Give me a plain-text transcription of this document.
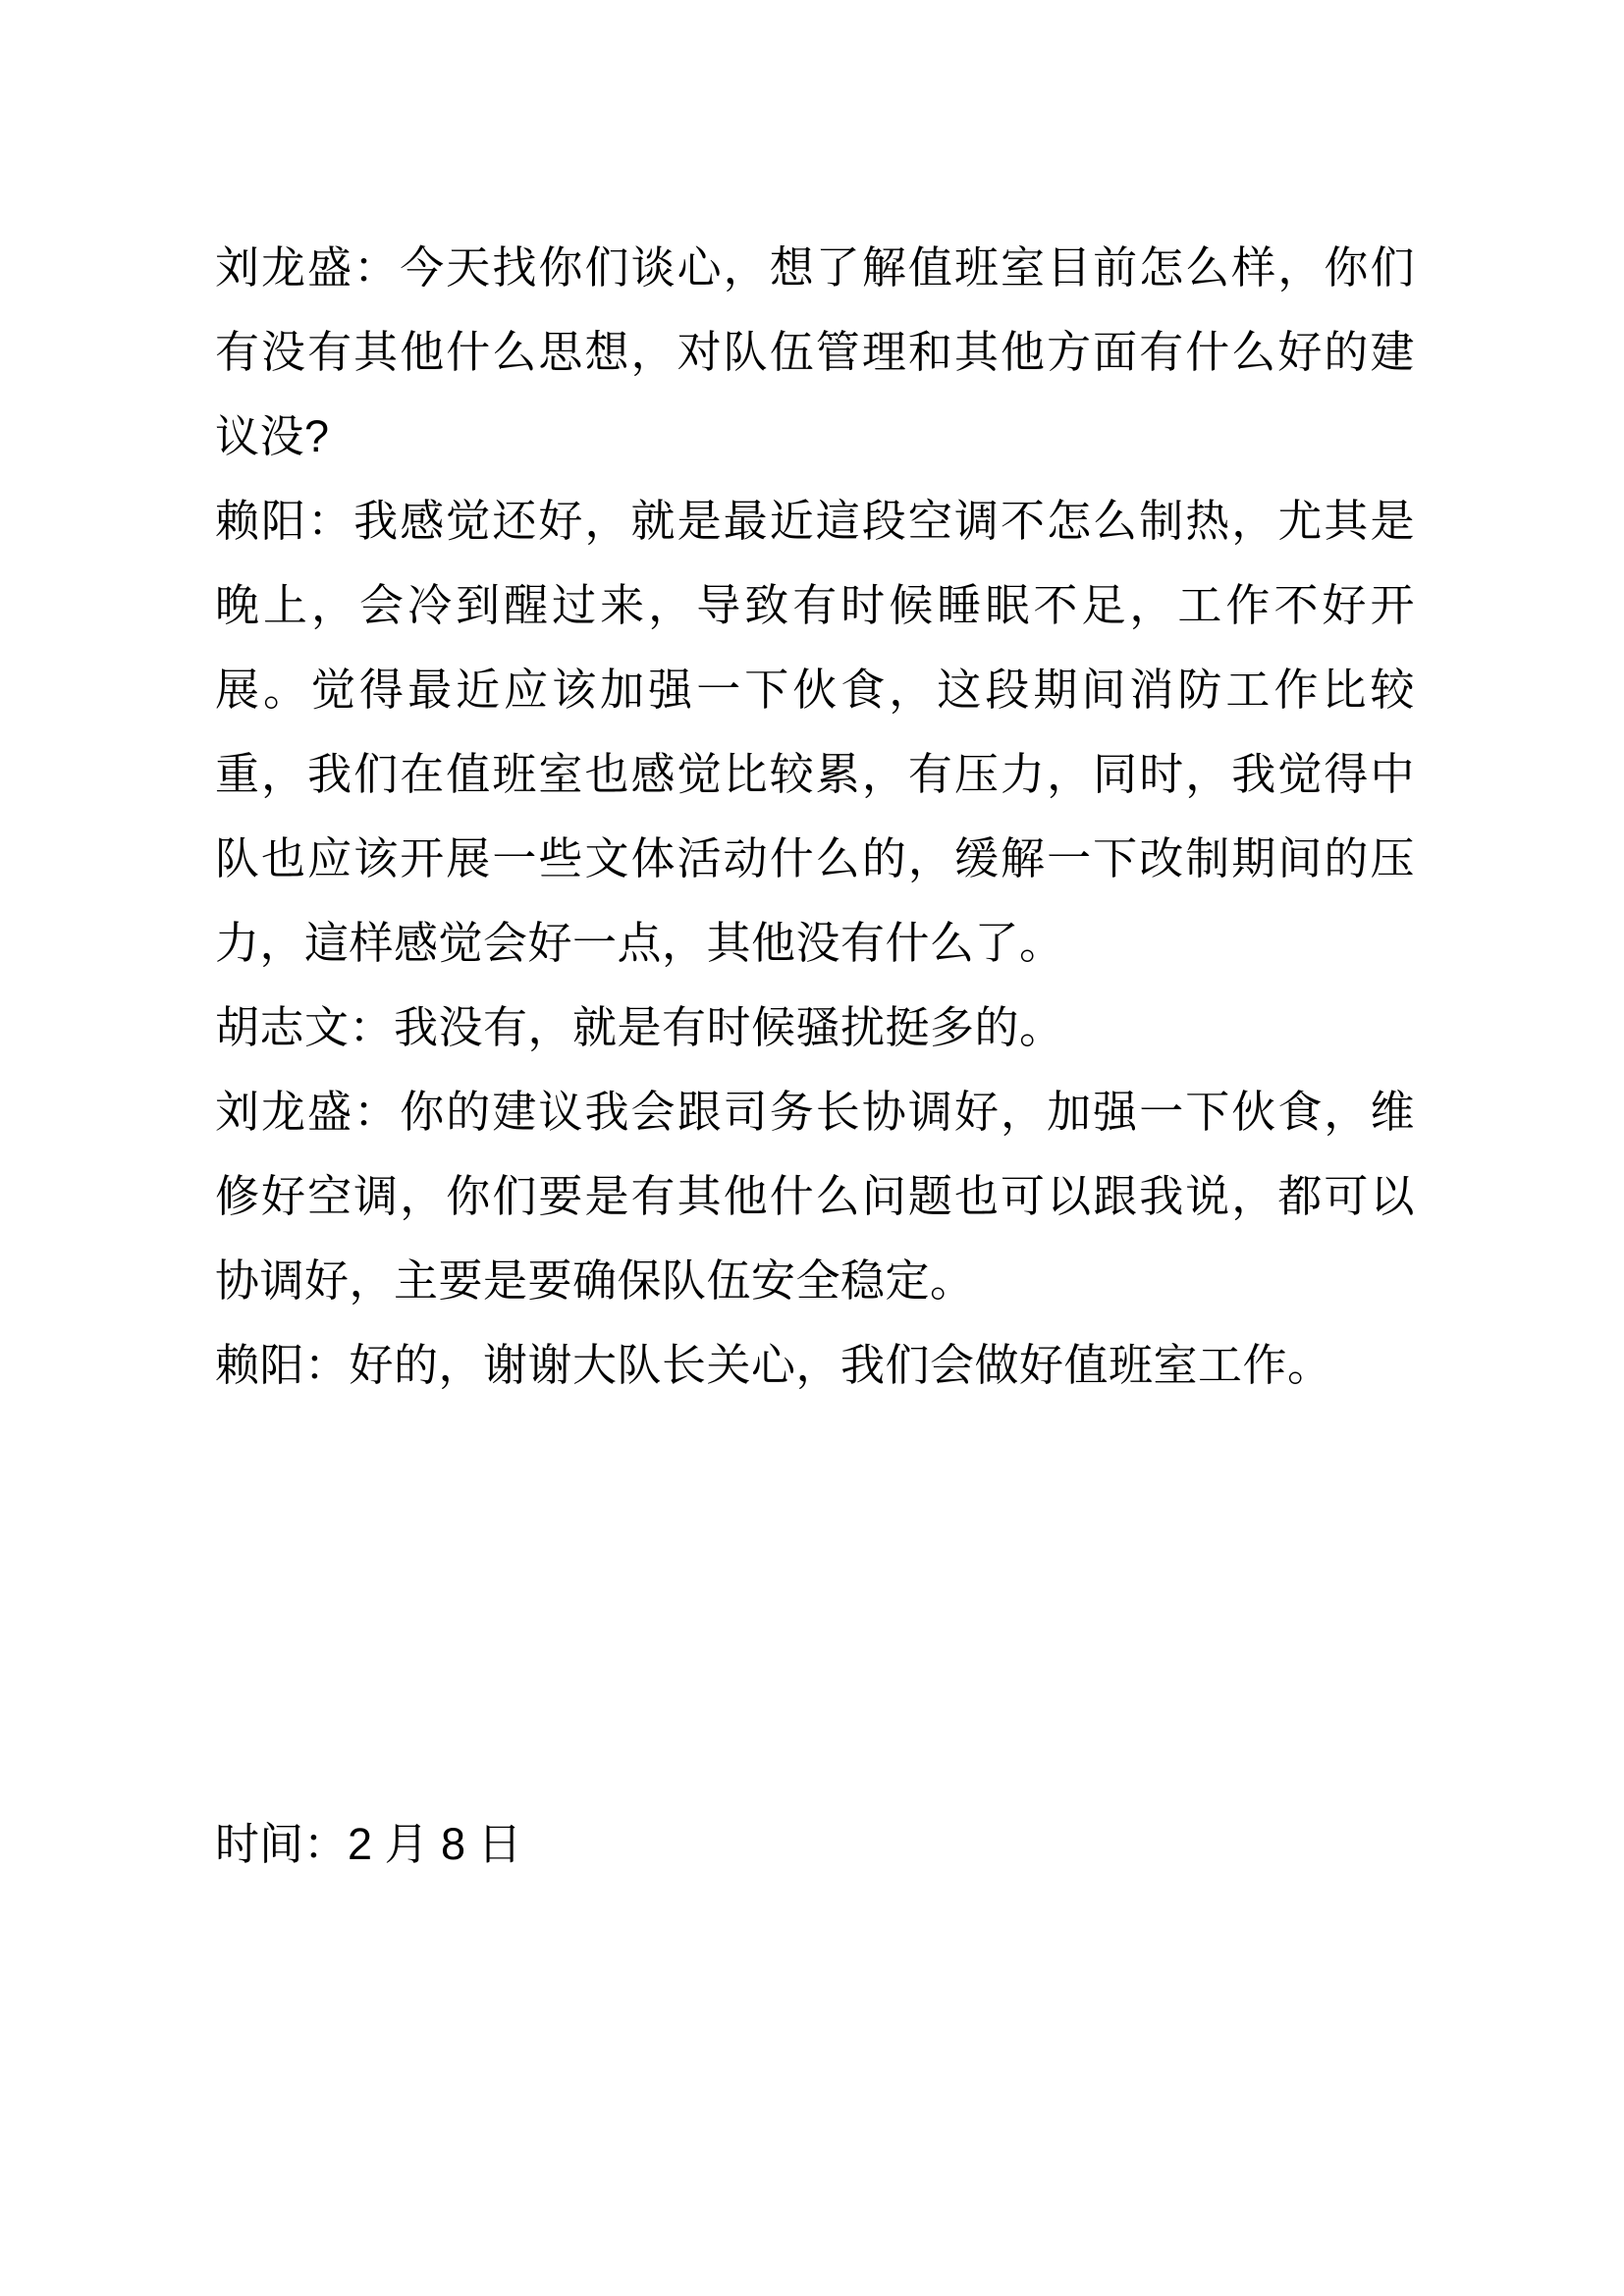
刘龙盛：今天找你们谈心，想了解值班室目前怎么样，你们有没有其他什么思想，对队伍管理和其他方面有什么好的建议没?

赖阳：我感觉还好，就是最近這段空调不怎么制热，尤其是晚上，会冷到醒过来，导致有时候睡眠不足，工作不好开展。觉得最近应该加强一下伙食，这段期间消防工作比较重，我们在值班室也感觉比较累，有压力，同时，我觉得中队也应该开展一些文体活动什么的，缓解一下改制期间的压力，這样感觉会好一点，其他没有什么了。

胡志文：我没有，就是有时候骚扰挺多的。

刘龙盛：你的建议我会跟司务长协调好，加强一下伙食，维修好空调，你们要是有其他什么问题也可以跟我说，都可以协调好，主要是要确保队伍安全稳定。

赖阳：好的，谢谢大队长关心，我们会做好值班室工作。

时间：2 月 8 日
